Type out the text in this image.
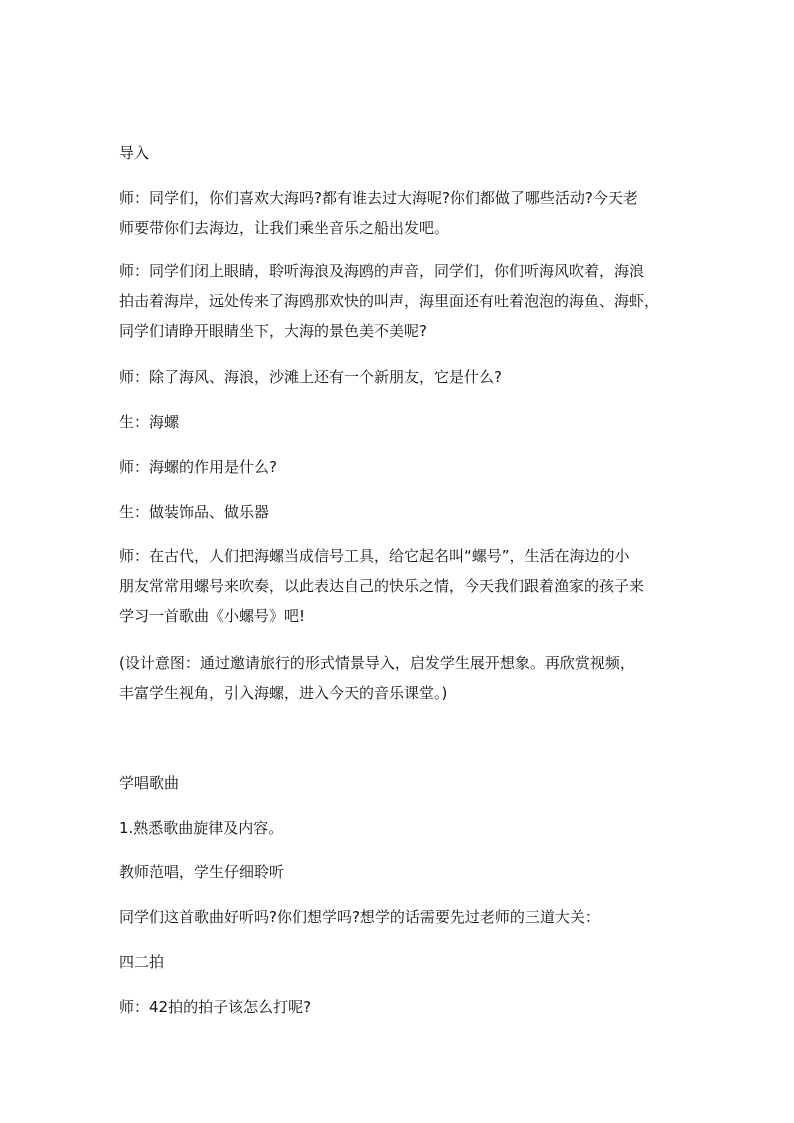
导入

师：同学们，你们喜欢大海吗?都有谁去过大海呢?你们都做了哪些活动?今天老
师要带你们去海边，让我们乘坐音乐之船出发吧。

师：同学们闭上眼睛，聆听海浪及海鸥的声音，同学们，你们听海风吹着，海浪
拍击着海岸，远处传来了海鸥那欢快的叫声，海里面还有吐着泡泡的海鱼、海虾，
同学们请睁开眼睛坐下，大海的景色美不美呢?

师：除了海风、海浪，沙滩上还有一个新朋友，它是什么?

生：海螺

师：海螺的作用是什么?

生：做装饰品、做乐器

师：在古代，人们把海螺当成信号工具，给它起名叫“螺号”，生活在海边的小
朋友常常用螺号来吹奏，以此表达自己的快乐之情，今天我们跟着渔家的孩子来
学习一首歌曲《小螺号》吧!

(设计意图：通过邀请旅行的形式情景导入，启发学生展开想象。再欣赏视频，
丰富学生视角，引入海螺，进入今天的音乐课堂。)

学唱歌曲

1.熟悉歌曲旋律及内容。

教师范唱，学生仔细聆听

同学们这首歌曲好听吗?你们想学吗?想学的话需要先过老师的三道大关：

四二拍

师：42拍的拍子该怎么打呢?
